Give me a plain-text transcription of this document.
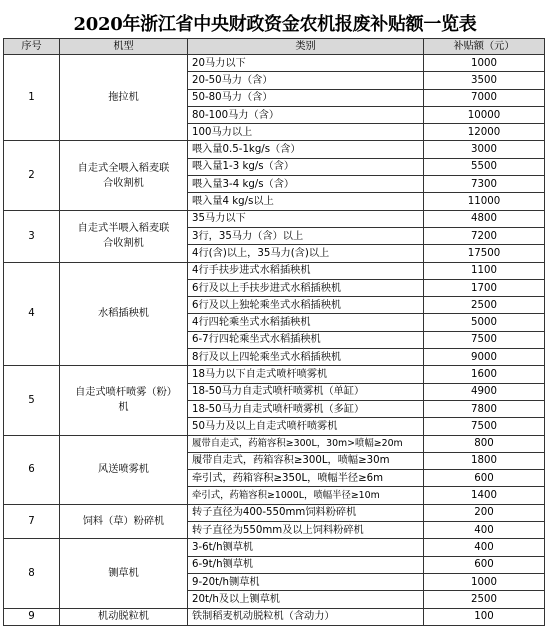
2020年浙江省中央财政资金农机报废补贴额一览表
序号	机型	类别	补贴额（元）
1	拖拉机	20马力以下	1000
		20-50马力（含）	3500
		50-80马力（含）	7000
		80-100马力（含）	10000
		100马力以上	12000
2	自走式全喂入稻麦联合收割机	喂入量0.5-1kg/s（含）	3000
		喂入量1-3 kg/s（含）	5500
		喂入量3-4 kg/s（含）	7300
		喂入量4 kg/s以上	11000
3	自走式半喂入稻麦联合收割机	35马力以下	4800
		3行，35马力（含）以上	7200
		4行(含)以上，35马力(含)以上	17500
4	水稻插秧机	4行手扶步进式水稻插秧机	1100
		6行及以上手扶步进式水稻插秧机	1700
		6行及以上独轮乘坐式水稻插秧机	2500
		4行四轮乘坐式水稻插秧机	5000
		6-7行四轮乘坐式水稻插秧机	7500
		8行及以上四轮乘坐式水稻插秧机	9000
5	自走式喷杆喷雾（粉）机	18马力以下自走式喷杆喷雾机	1600
		18-50马力自走式喷杆喷雾机（单缸）	4900
		18-50马力自走式喷杆喷雾机（多缸）	7800
		50马力及以上自走式喷杆喷雾机	7500
6	风送喷雾机	履带自走式，药箱容积≥300L，30m>喷幅≥20m	800
		履带自走式，药箱容积≥300L，喷幅≥30m	1800
		牵引式，药箱容积≥350L，喷幅半径≥6m	600
		牵引式，药箱容积≥1000L，喷幅半径≥10m	1400
7	饲料（草）粉碎机	转子直径为400-550mm饲料粉碎机	200
		转子直径为550mm及以上饲料粉碎机	400
8	铡草机	3-6t/h铡草机	400
		6-9t/h铡草机	600
		9-20t/h铡草机	1000
		20t/h及以上铡草机	2500
9	机动脱粒机	铁制稻麦机动脱粒机（含动力）	100
